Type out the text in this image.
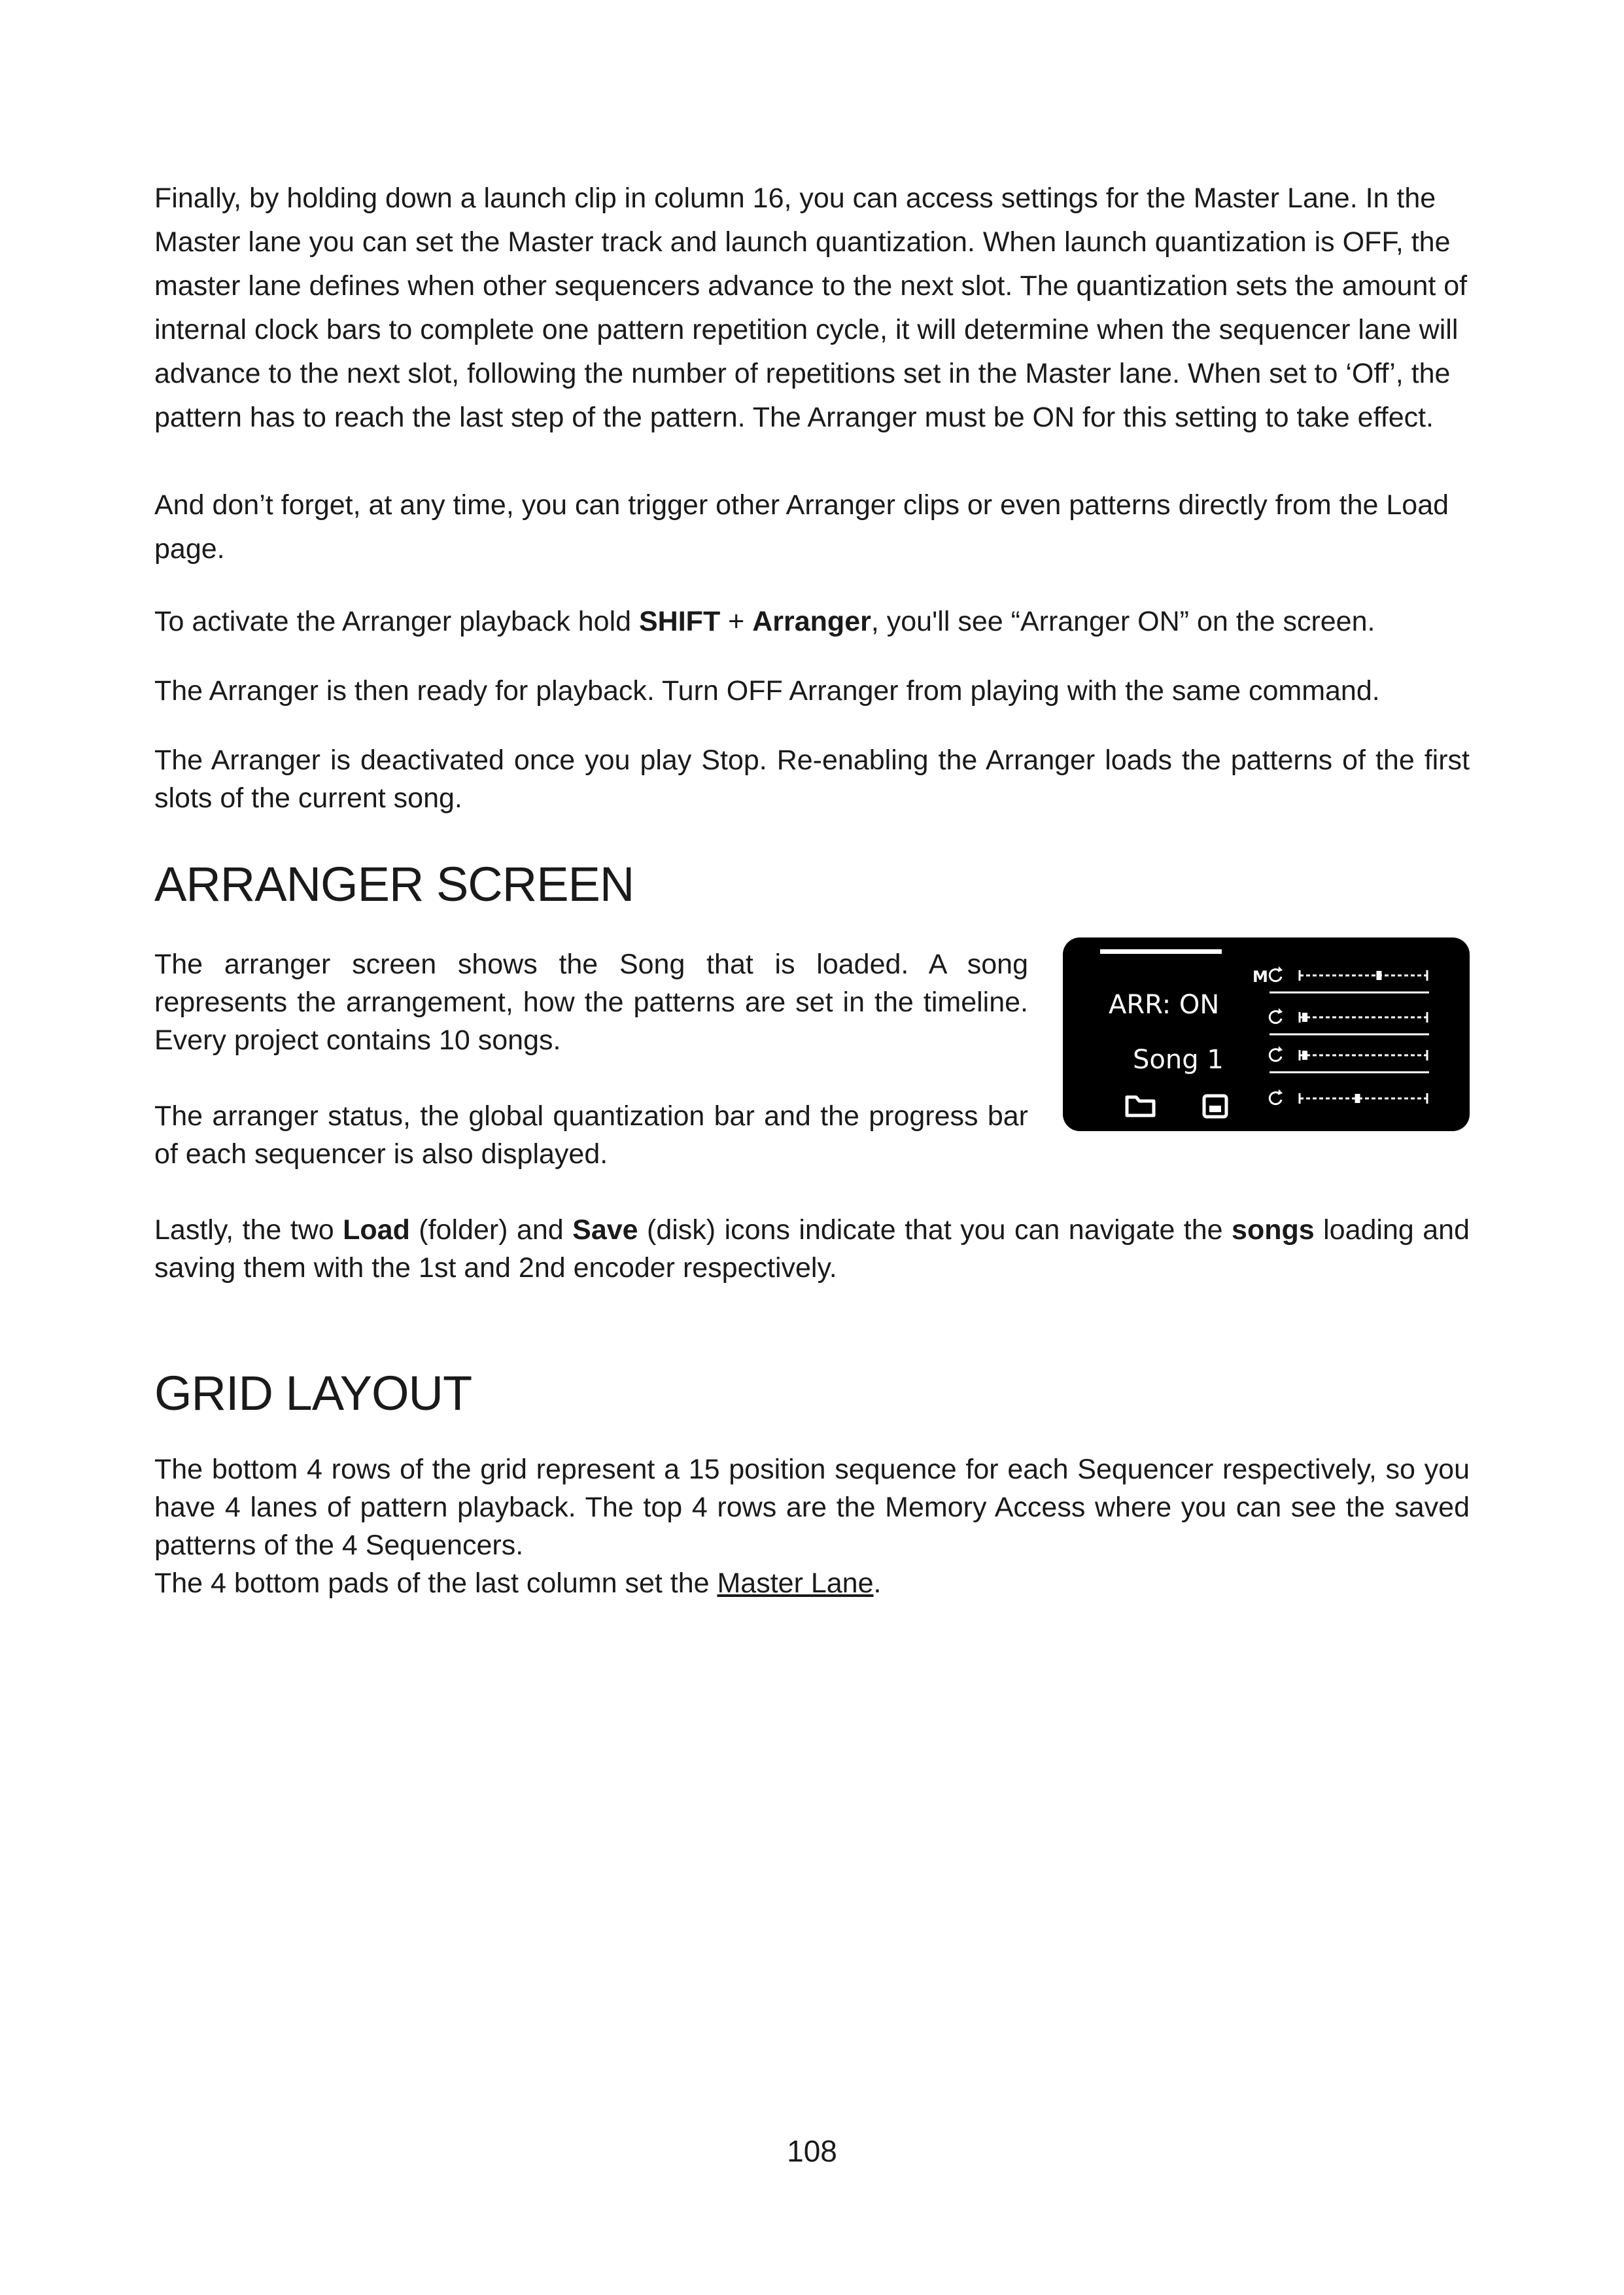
Finally, by holding down a launch clip in column 16, you can access settings for the Master Lane. In the Master lane you can set the Master track and launch quantization. When launch quantization is OFF, the master lane defines when other sequencers advance to the next slot. The quantization sets the amount of internal clock bars to complete one pattern repetition cycle, it will determine when the sequencer lane will advance to the next slot, following the number of repetitions set in the Master lane. When set to ‘Off’, the pattern has to reach the last step of the pattern. The Arranger must be ON for this setting to take effect.

And don’t forget, at any time, you can trigger other Arranger clips or even patterns directly from the Load page.

To activate the Arranger playback hold SHIFT + Arranger, you'll see “Arranger ON” on the screen.

The Arranger is then ready for playback. Turn OFF Arranger from playing with the same command.

The Arranger is deactivated once you play Stop. Re-enabling the Arranger loads the patterns of the first slots of the current song.

ARRANGER SCREEN

The arranger screen shows the Song that is loaded. A song represents the arrangement, how the patterns are set in the timeline. Every project contains 10 songs.

The arranger status, the global quantization bar and the progress bar of each sequencer is also displayed.

ARR: ON
Song 1
M

Lastly, the two Load (folder) and Save (disk) icons indicate that you can navigate the songs loading and saving them with the 1st and 2nd encoder respectively.

GRID LAYOUT

The bottom 4 rows of the grid represent a 15 position sequence for each Sequencer respectively, so you have 4 lanes of pattern playback. The top 4 rows are the Memory Access where you can see the saved patterns of the 4 Sequencers.

The 4 bottom pads of the last column set the Master Lane.

108
